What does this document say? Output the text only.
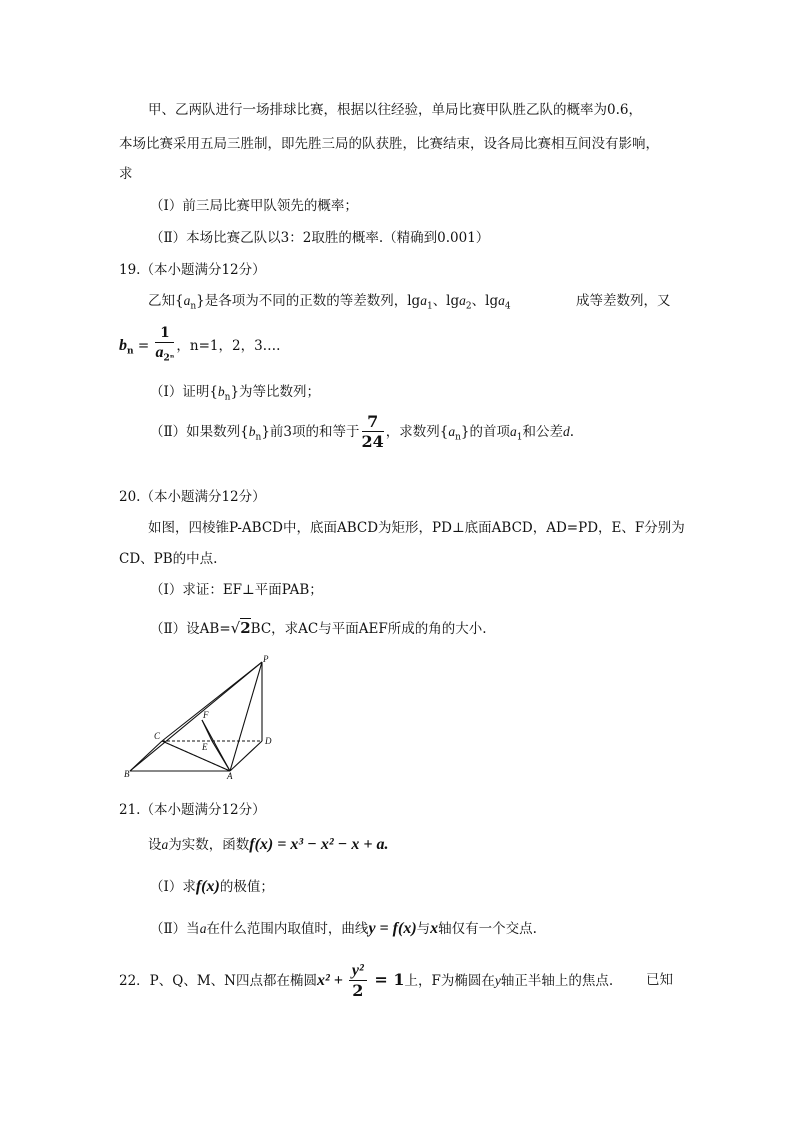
甲、乙两队进行一场排球比赛，根据以往经验，单局比赛甲队胜乙队的概率为0.6，
本场比赛采用五局三胜制，即先胜三局的队获胜，比赛结束，设各局比赛相互间没有影响，
求
（Ⅰ）前三局比赛甲队领先的概率；
（Ⅱ）本场比赛乙队以3：2取胜的概率.（精确到0.001）
19.（本小题满分12分）
乙知$\{a_n\}$是各项为不同的正数的等差数列，lga$_1$、lga$_2$、lga$_4$	成等差数列，又
$b_n = \frac{1}{a_{2^n}}$ ，n=1，2，3….
（Ⅰ）证明$\{b_n\}$为等比数列；
（Ⅱ）如果数列$\{b_n\}$前3项的和等于 $\frac{7}{24}$ ，求数列$\{a_n\}$的首项$a_1$和公差d.
20.（本小题满分12分）
如图，四棱锥P-ABCD中，底面ABCD为矩形，PD⊥底面ABCD，AD=PD，E、F分别为
CD、PB的中点.
（Ⅰ）求证：EF⊥平面PAB；
（Ⅱ）设AB=√2BC，求AC与平面AEF所成的角的大小.
P
F
C
E
D
B	A
21.（本小题满分12分）
设a为实数，函数f(x) = x³ − x² − x + a.
（Ⅰ）求f(x)的极值；
（Ⅱ）当a在什么范围内取值时，曲线y = f(x)与x轴仅有一个交点.
22．P、Q、M、N四点都在椭圆$x^2 + \frac{\text{y²}}{2} = 1$上，F为椭圆在y轴正半轴上的焦点. 已知
